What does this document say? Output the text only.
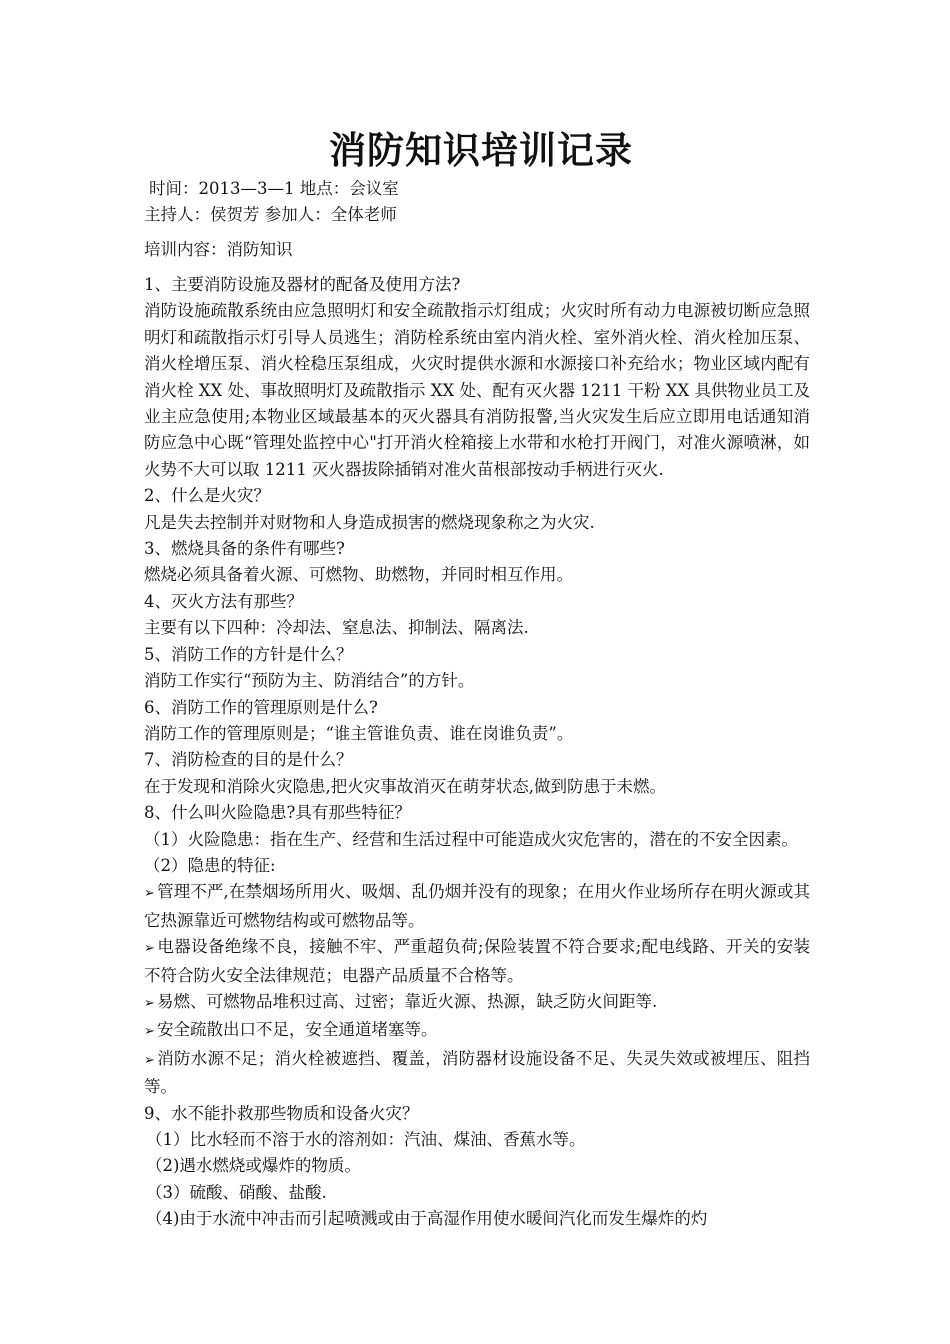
消防知识培训记录
时间：2013—3—1 地点：会议室
主持人：侯贺芳 参加人：全体老师
培训内容：消防知识
1、主要消防设施及器材的配备及使用方法?
消防设施疏散系统由应急照明灯和安全疏散指示灯组成；火灾时所有动力电源被切断应急照明灯和疏散指示灯引导人员逃生；消防栓系统由室内消火栓、室外消火栓、消火栓加压泵、消火栓增压泵、消火栓稳压泵组成，火灾时提供水源和水源接口补充给水；物业区域内配有消火栓 XX 处、事故照明灯及疏散指示 XX 处、配有灭火器 1211 干粉 XX 具供物业员工及业主应急使用;本物业区域最基本的灭火器具有消防报警,当火灾发生后应立即用电话通知消防应急中心既“管理处监控中心"打开消火栓箱接上水带和水枪打开阀门，对准火源喷淋，如火势不大可以取 1211 灭火器拔除插销对准火苗根部按动手柄进行灭火.
2、什么是火灾？
凡是失去控制并对财物和人身造成损害的燃烧现象称之为火灾.
3、燃烧具备的条件有哪些?
燃烧必须具备着火源、可燃物、助燃物，并同时相互作用。
4、灭火方法有那些？
主要有以下四种：冷却法、窒息法、抑制法、隔离法.
5、消防工作的方针是什么？
消防工作实行“预防为主、防消结合”的方针。
6、消防工作的管理原则是什么?
消防工作的管理原则是；“谁主管谁负责、谁在岗谁负责”。
7、消防检查的目的是什么？
在于发现和消除火灾隐患,把火灾事故消灭在萌芽状态,做到防患于未燃。
8、什么叫火险隐患?具有那些特征？
（1）火险隐患：指在生产、经营和生活过程中可能造成火灾危害的，潜在的不安全因素。
（2）隐患的特征:
➢ 管理不严,在禁烟场所用火、吸烟、乱仍烟并没有的现象；在用火作业场所存在明火源或其它热源靠近可燃物结构或可燃物品等。
➢ 电器设备绝缘不良，接触不牢、严重超负荷;保险装置不符合要求;配电线路、开关的安装不符合防火安全法律规范；电器产品质量不合格等。
➢ 易燃、可燃物品堆积过高、过密；靠近火源、热源，缺乏防火间距等.
➢ 安全疏散出口不足，安全通道堵塞等。
➢ 消防水源不足；消火栓被遮挡、覆盖，消防器材设施设备不足、失灵失效或被埋压、阻挡等。
9、水不能扑救那些物质和设备火灾？
（1）比水轻而不溶于水的溶剂如：汽油、煤油、香蕉水等。
（2)遇水燃烧或爆炸的物质。
（3）硫酸、硝酸、盐酸.
（4)由于水流中冲击而引起喷溅或由于高湿作用使水暖间汽化而发生爆炸的灼
